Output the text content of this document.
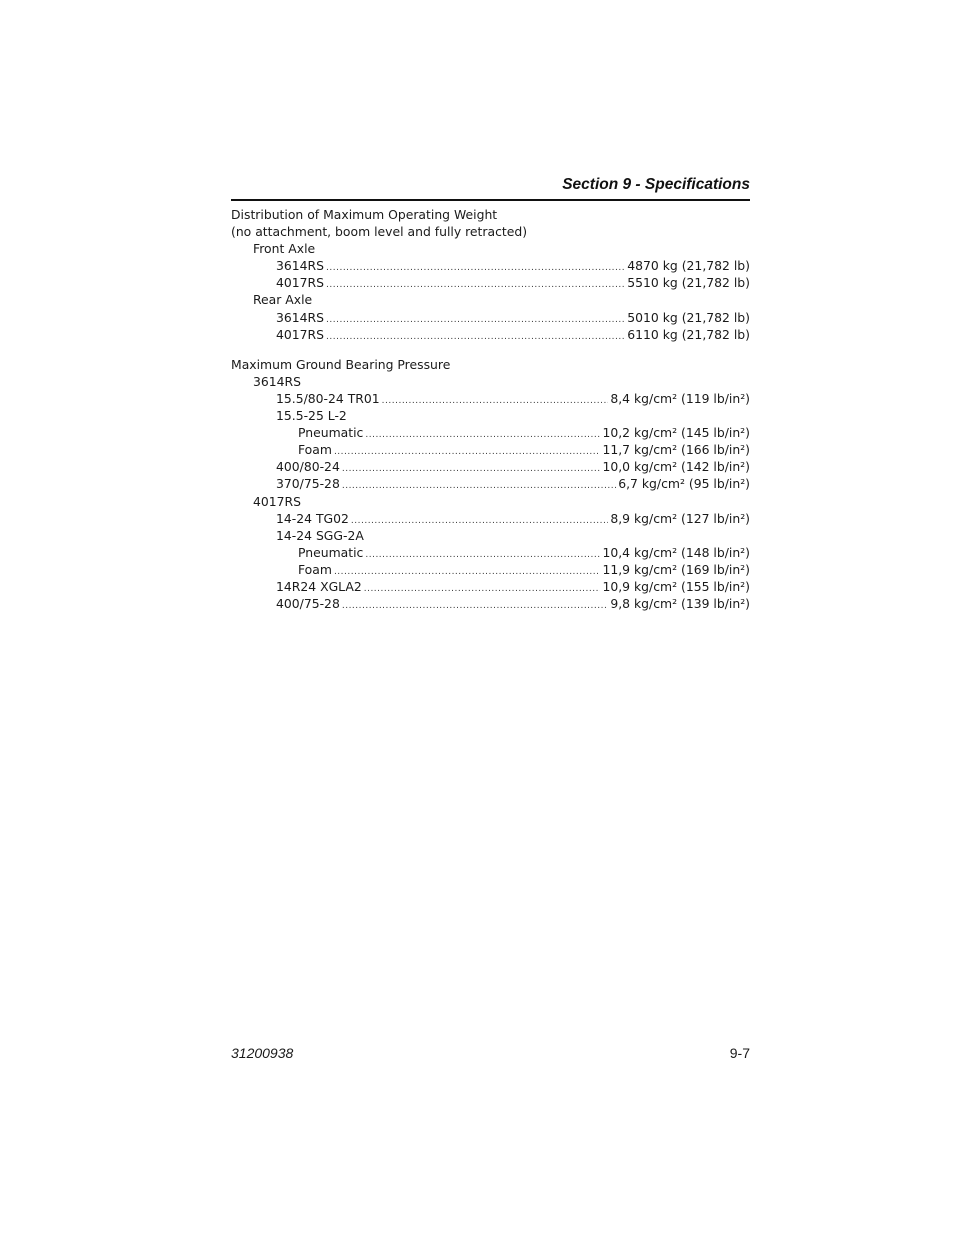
Section 9 - Specifications
Distribution of Maximum Operating Weight
(no attachment, boom level and fully retracted)
Front Axle
3614RS .....	4870 kg (21,782 lb)
4017RS .....	5510 kg (21,782 lb)
Rear Axle
3614RS .....	5010 kg (21,782 lb)
4017RS .....	6110 kg (21,782 lb)
Maximum Ground Bearing Pressure
3614RS
15.5/80-24 TR01 .....	8,4 kg/cm² (119 lb/in²)
15.5-25 L-2
Pneumatic .....	10,2 kg/cm² (145 lb/in²)
Foam .....	11,7 kg/cm² (166 lb/in²)
400/80-24 .....	10,0 kg/cm² (142 lb/in²)
370/75-28 .....	6,7 kg/cm² (95 lb/in²)
4017RS
14-24 TG02 .....	8,9 kg/cm² (127 lb/in²)
14-24 SGG-2A
Pneumatic .....	10,4 kg/cm² (148 lb/in²)
Foam .....	11,9 kg/cm² (169 lb/in²)
14R24 XGLA2 .....	10,9 kg/cm² (155 lb/in²)
400/75-28 .....	9,8 kg/cm² (139 lb/in²)
31200938	9-7
